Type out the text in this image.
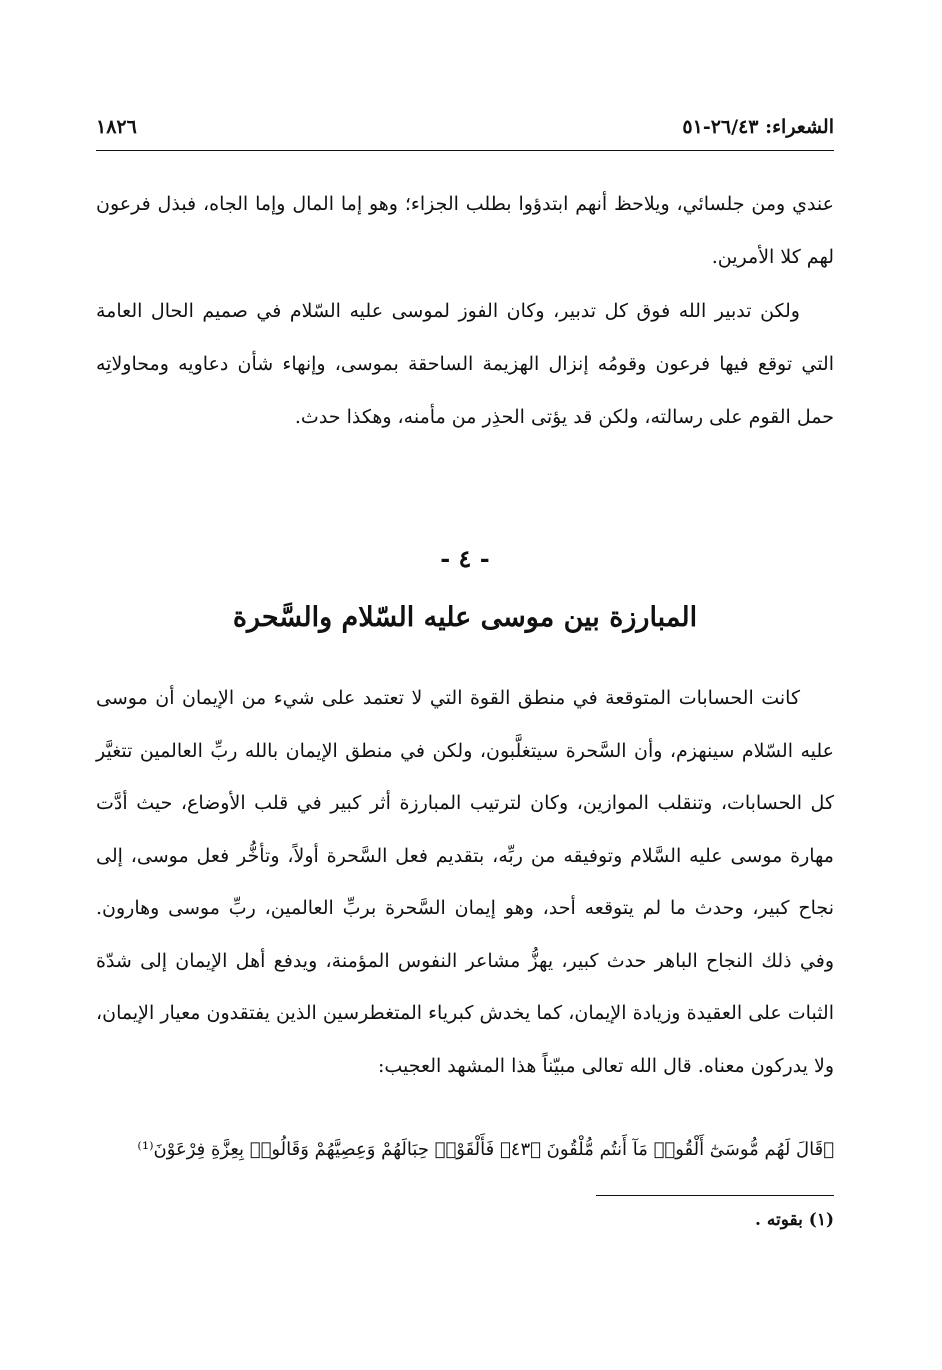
الشعراء: ٢٦/٤٣-٥١
١٨٢٦

عندي ومن جلسائي، ويلاحظ أنهم ابتدؤوا بطلب الجزاء؛ وهو إما المال وإما الجاه، فبذل فرعون لهم كلا الأمرين.

ولكن تدبير الله فوق كل تدبير، وكان الفوز لموسى عليه السّلام في صميم الحال العامة التي توقع فيها فرعون وقومُه إنزال الهزيمة الساحقة بموسى، وإنهاء شأن دعاويه ومحاولاتِه حمل القوم على رسالته، ولكن قد يؤتى الحذِر من مأمنه، وهكذا حدث.

- ٤ -

المبارزة بين موسى عليه السّلام والسَّحرة

كانت الحسابات المتوقعة في منطق القوة التي لا تعتمد على شيء من الإيمان أن موسى عليه السّلام سينهزم، وأن السَّحرة سيتغلَّبون، ولكن في منطق الإيمان بالله ربِّ العالمين تتغيَّر كل الحسابات، وتنقلب الموازين، وكان لترتيب المبارزة أثر كبير في قلب الأوضاع، حيث أدَّت مهارة موسى عليه السَّلام وتوفيقه من ربِّه، بتقديم فعل السَّحرة أولاً، وتأخُّر فعل موسى، إلى نجاح كبير، وحدث ما لم يتوقعه أحد، وهو إيمان السَّحرة بربِّ العالمين، ربِّ موسى وهارون. وفي ذلك النجاح الباهر حدث كبير، يهزُّ مشاعر النفوس المؤمنة، ويدفع أهل الإيمان إلى شدّة الثبات على العقيدة وزيادة الإيمان، كما يخدش كبرياء المتغطرسين الذين يفتقدون معيار الإيمان، ولا يدركون معناه. قال الله تعالى مبيّناً هذا المشهد العجيب:

﴿قَالَ لَهُم مُّوسَىٰٓ أَلْقُوا۟ مَآ أَنتُم مُّلْقُونَ ﴿٤٣﴾ فَأَلْقَوْا۟ حِبَالَهُمْ وَعِصِيَّهُمْ وَقَالُوا۟ بِعِزَّةِ فِرْعَوْنَ⁽¹⁾

(١) بقوته .
